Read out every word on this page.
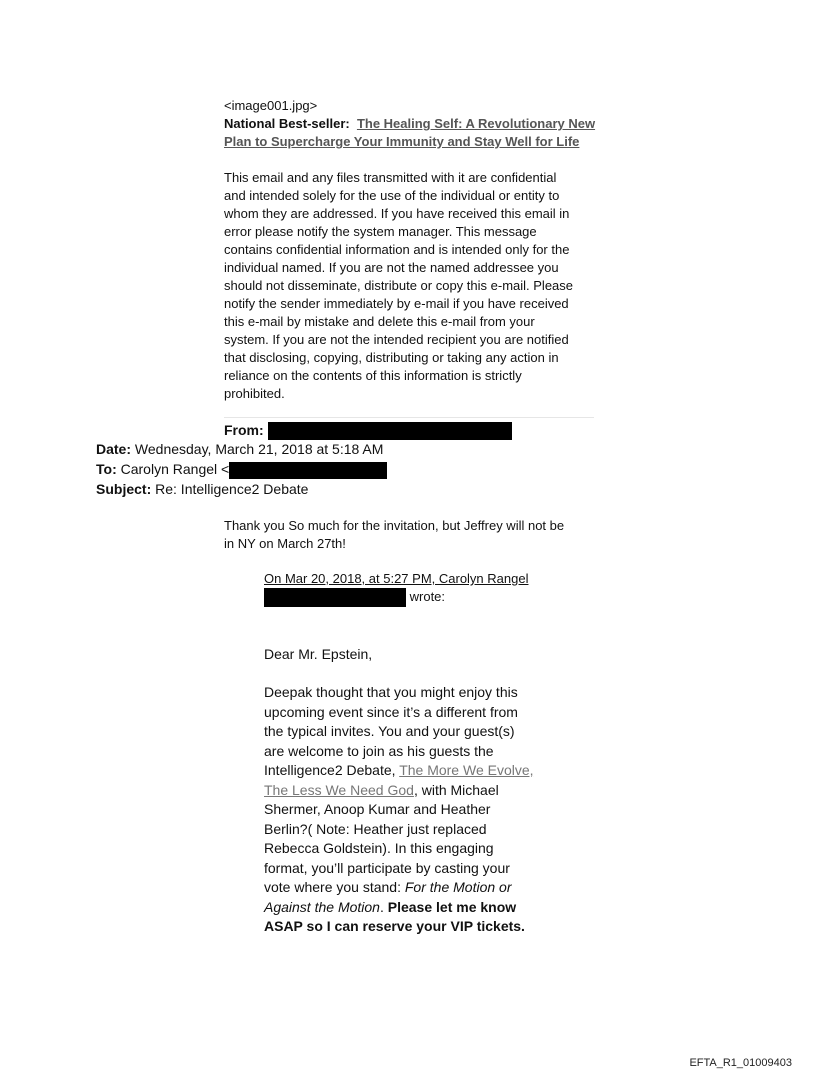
<image001.jpg>
National Best-seller: The Healing Self: A Revolutionary New
Plan to Supercharge Your Immunity and Stay Well for Life
This email and any files transmitted with it are confidential
and intended solely for the use of the individual or entity to
whom they are addressed. If you have received this email in
error please notify the system manager. This message
contains confidential information and is intended only for the
individual named. If you are not the named addressee you
should not disseminate, distribute or copy this e-mail. Please
notify the sender immediately by e-mail if you have received
this e-mail by mistake and delete this e-mail from your
system. If you are not the intended recipient you are notified
that disclosing, copying, distributing or taking any action in
reliance on the contents of this information is strictly
prohibited.
From:
Date: Wednesday, March 21, 2018 at 5:18 AM
To: Carolyn Rangel <
Subject: Re: Intelligence2 Debate
Thank you So much for the invitation, but Jeffrey will not be
in NY on March 27th!
On Mar 20, 2018, at 5:27 PM, Carolyn Rangel
wrote:
Dear Mr. Epstein,
Deepak thought that you might enjoy this
upcoming event since it’s a different from
the typical invites. You and your guest(s)
are welcome to join as his guests the
Intelligence2 Debate, The More We Evolve,
The Less We Need God, with Michael
Shermer, Anoop Kumar and Heather
Berlin?( Note: Heather just replaced
Rebecca Goldstein). In this engaging
format, you’ll participate by casting your
vote where you stand: For the Motion or
Against the Motion. Please let me know
ASAP so I can reserve your VIP tickets.
EFTA_R1_01009403
